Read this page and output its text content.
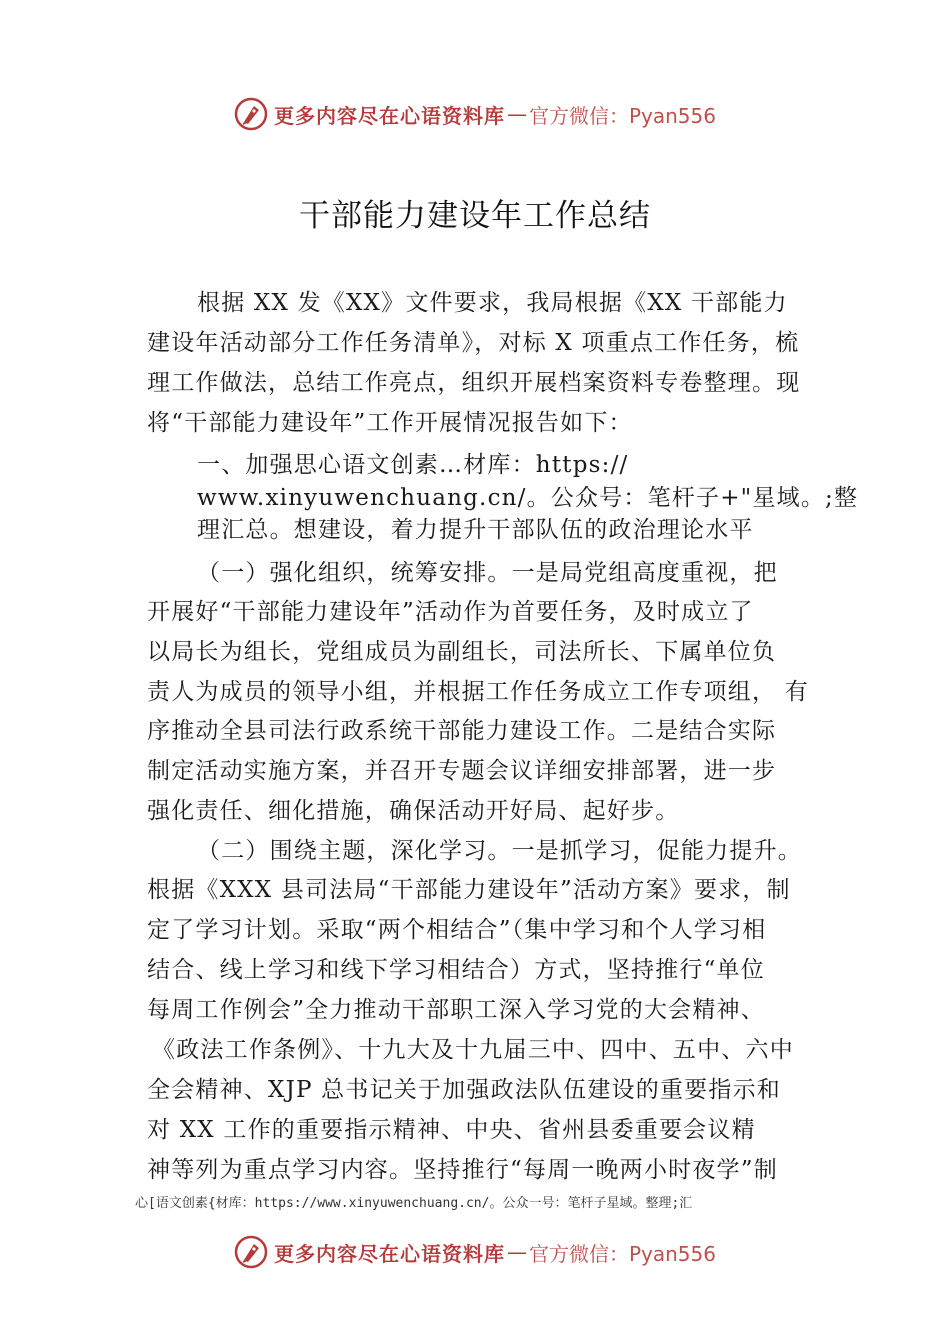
更多内容尽在心语资料库 — 官方微信：Pyan556
干部能力建设年工作总结
根据 XX 发《XX》文件要求，我局根据《XX 干部能力
建设年活动部分工作任务清单》，对标 X 项重点工作任务，梳
理工作做法，总结工作亮点，组织开展档案资料专卷整理。现
将“干部能力建设年”工作开展情况报告如下：
一、加强思心语文创素…材库：https://
www.xinyuwenchuang.cn/。公众号：笔杆子+"星域。;整
理汇总。想建设，着力提升干部队伍的政治理论水平
（一）强化组织，统筹安排。一是局党组高度重视，把
开展好“干部能力建设年”活动作为首要任务，及时成立了
以局长为组长，党组成员为副组长，司法所长、下属单位负
责人为成员的领导小组，并根据工作任务成立工作专项组， 有
序推动全县司法行政系统干部能力建设工作。二是结合实际
制定活动实施方案，并召开专题会议详细安排部署，进一步
强化责任、细化措施，确保活动开好局、起好步。
（二）围绕主题，深化学习。一是抓学习，促能力提升。
根据《XXX 县司法局“干部能力建设年”活动方案》要求，制
定了学习计划。采取“两个相结合”（集中学习和个人学习相
结合、线上学习和线下学习相结合）方式，坚持推行“单位
每周工作例会”全力推动干部职工深入学习党的大会精神、
《政法工作条例》、十九大及十九届三中、四中、五中、六中
全会精神、XJP 总书记关于加强政法队伍建设的重要指示和
对 XX 工作的重要指示精神、中央、省州县委重要会议精
神等列为重点学习内容。坚持推行“每周一晚两小时夜学”制
心[语文创素{材库：https://www.xinyuwenchuang.cn/。公众一号：笔杆子星域。整理;汇
更多内容尽在心语资料库 — 官方微信：Pyan556
